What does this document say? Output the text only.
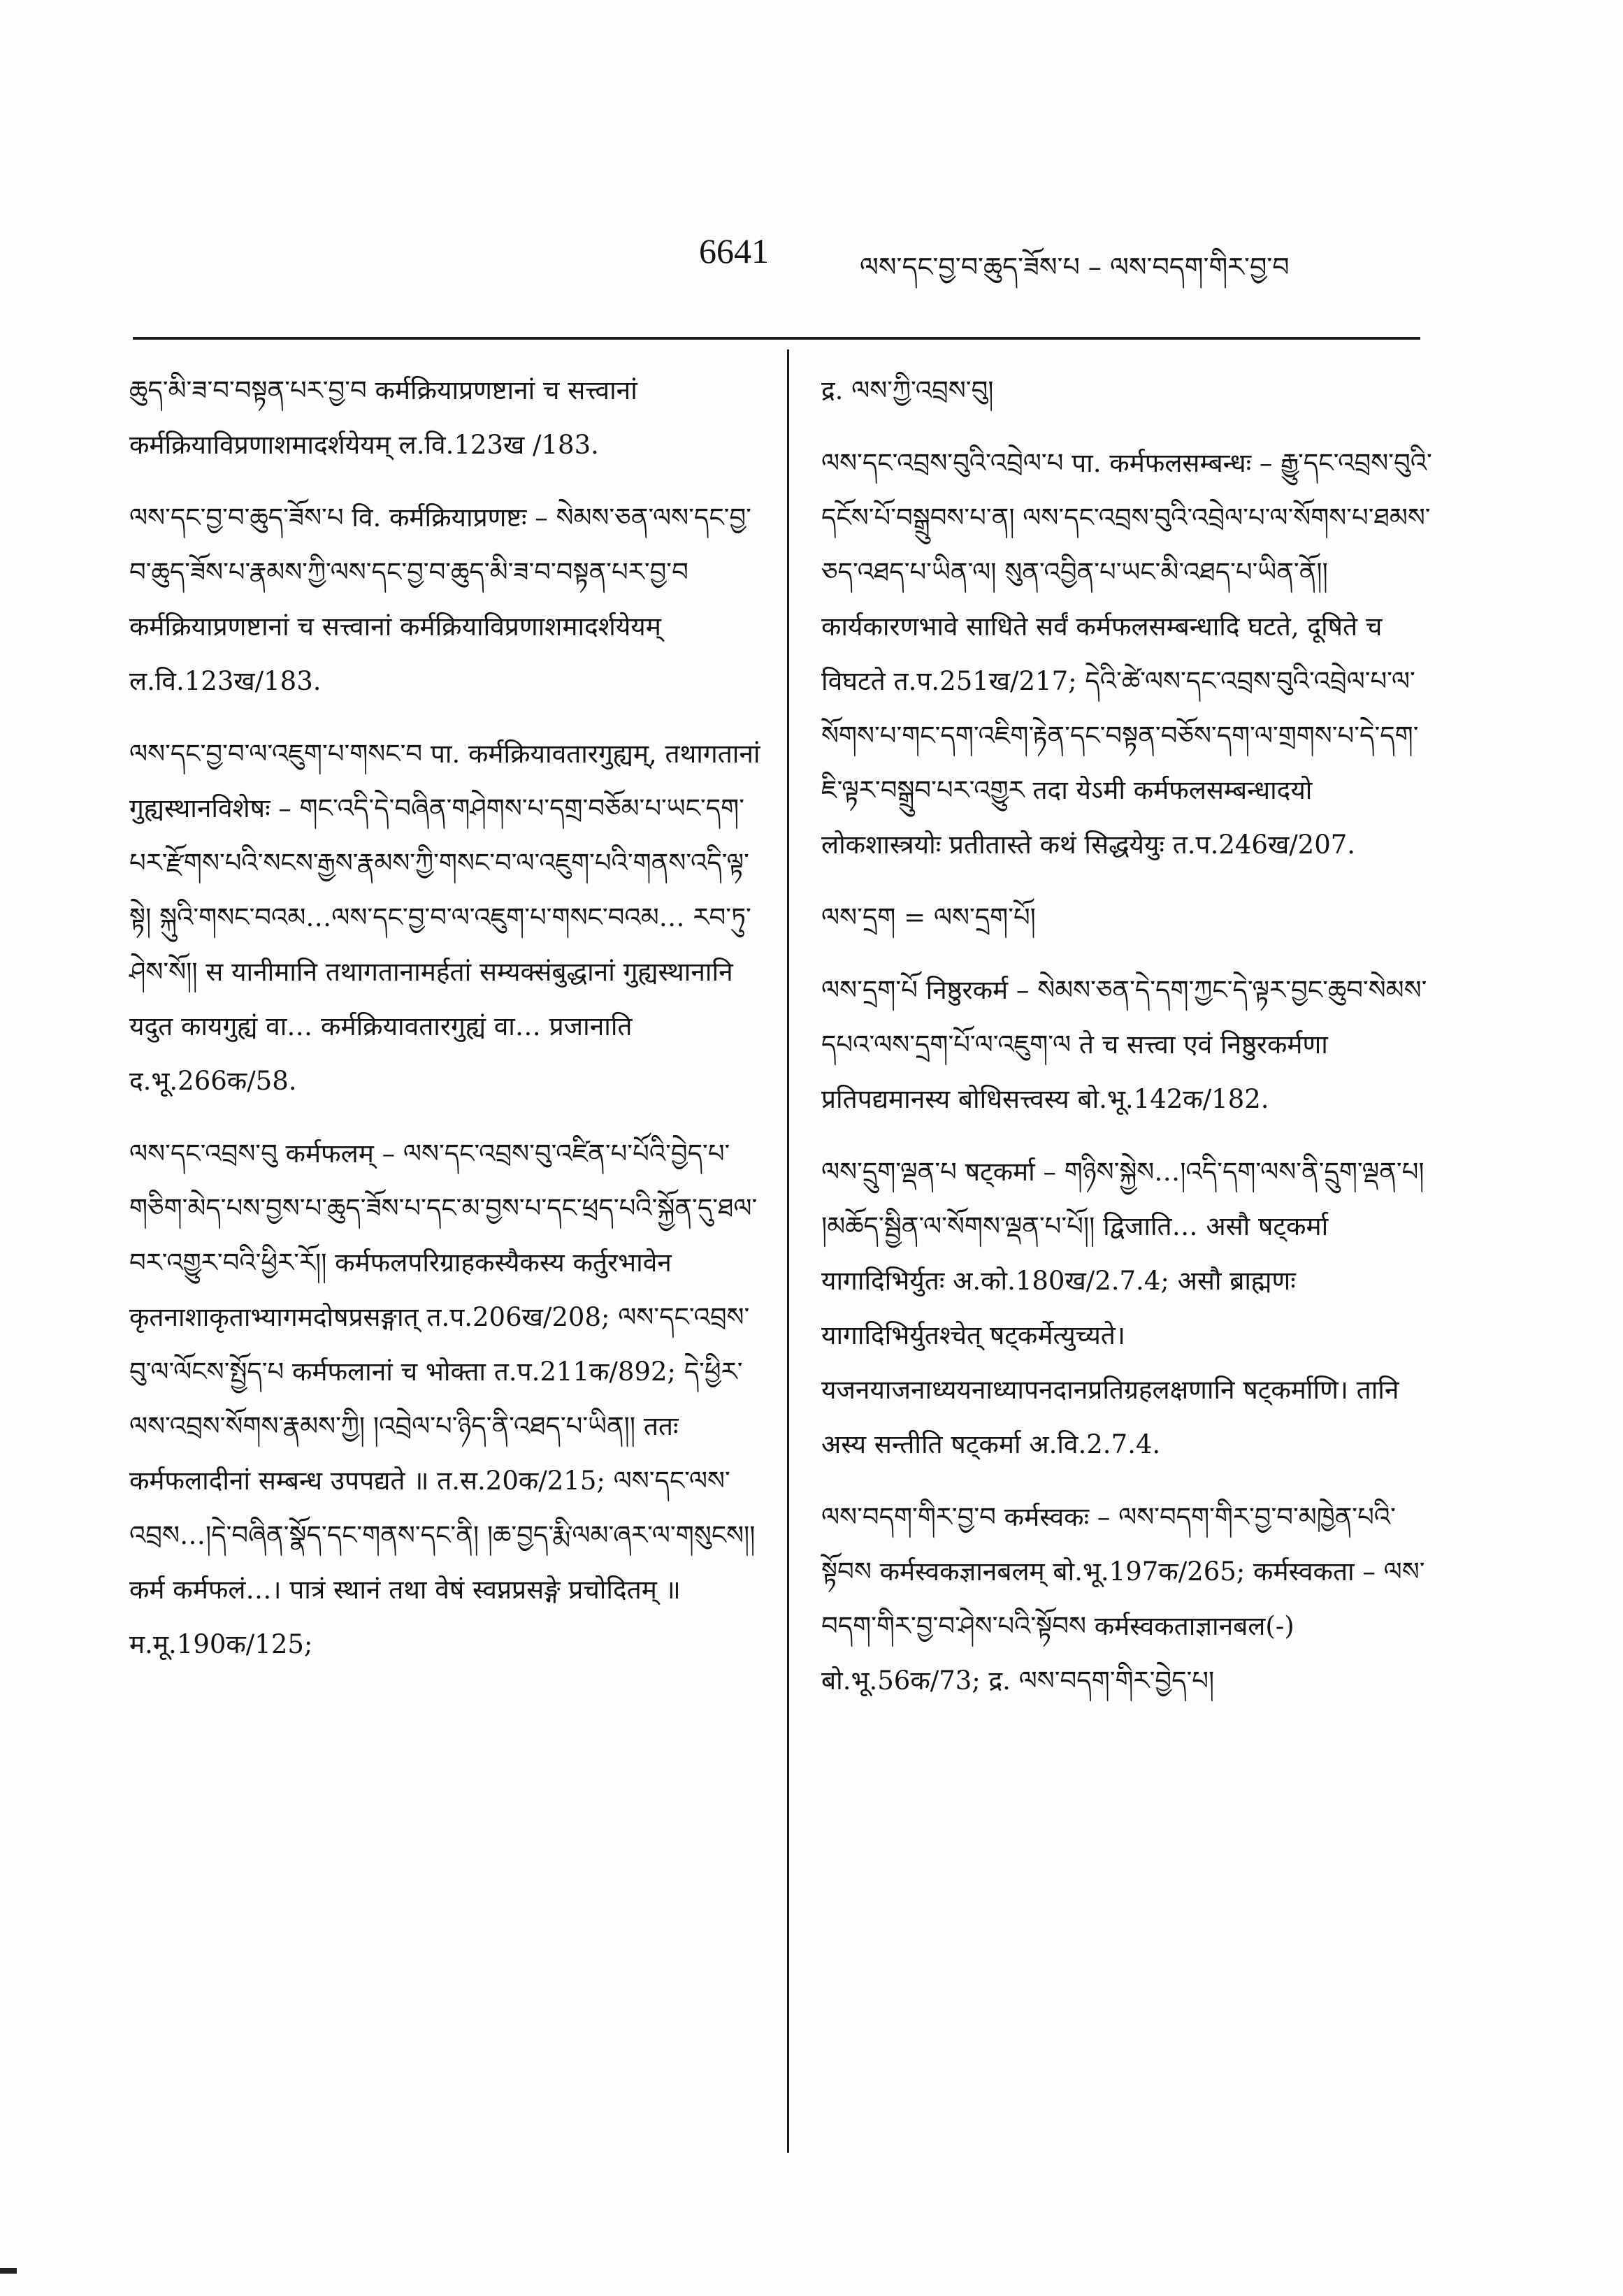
6641	ལས་དང་བྱ་བ་ཆུད་ཟོས་པ – ལས་བདག་གིར་བྱ་བ

ཆུད་མི་ཟ་བ་བསྟན་པར་བྱ་བ कर्मक्रियाप्रणष्टानां च सत्त्वानां कर्मक्रियाविप्रणाशमादर्शयेयम् ल.वि.123ख /183.

ལས་དང་བྱ་བ་ཆུད་ཟོས་པ वि. कर्मक्रियाप्रणष्टः – སེམས་ཅན་ལས་དང་བྱ་བ་ཆུད་ཟོས་པ་རྣམས་ཀྱི་ལས་དང་བྱ་བ་ཆུད་མི་ཟ་བ་བསྟན་པར་བྱ་བ कर्मक्रियाप्रणष्टानां च सत्त्वानां कर्मक्रियाविप्रणाशमादर्शयेयम् ल.वि.123ख/183.

ལས་དང་བྱ་བ་ལ་འཇུག་པ་གསང་བ पा. कर्मक्रियावतारगुह्यम्, तथागतानां गुह्यस्थानविशेषः – གང་འདི་དེ་བཞིན་གཤེགས་པ་དགྲ་བཅོམ་པ་ཡང་དག་པར་རྫོགས་པའི་སངས་རྒྱས་རྣམས་ཀྱི་གསང་བ་ལ་འཇུག་པའི་གནས་འདི་ལྟ་སྟེ། སྐུའི་གསང་བའམ…ལས་དང་བྱ་བ་ལ་འཇུག་པ་གསང་བའམ… རབ་ཏུ་ཤེས་སོ།། स यानीमानि तथागतानामर्हतां सम्यक्संबुद्धानां गुह्यस्थानानि यदुत कायगुह्यं वा… कर्मक्रियावतारगुह्यं वा… प्रजानाति द.भू.266क/58.

ལས་དང་འབྲས་བུ कर्मफलम् – ལས་དང་འབྲས་བུ་འཛིན་པ་པོའི་བྱེད་པ་གཅིག་མེད་པས་བྱས་པ་ཆུད་ཟོས་པ་དང་མ་བྱས་པ་དང་ཕྲད་པའི་སྐྱོན་དུ་ཐལ་བར་འགྱུར་བའི་ཕྱིར་རོ།། कर्मफलपरिग्राहकस्यैकस्य कर्तुरभावेन कृतनाशाकृताभ्यागमदोषप्रसङ्गात् त.प.206ख/208; ལས་དང་འབྲས་བུ་ལ་ལོངས་སྤྱོད་པ कर्मफलानां च भोक्ता त.प.211क/892; དེ་ཕྱིར་ལས་འབྲས་སོགས་རྣམས་ཀྱི། །འབྲེལ་པ་ཉིད་ནི་འཐད་པ་ཡིན།། ततः कर्मफलादीनां सम्बन्ध उपपद्यते ॥ त.स.20क/215; ལས་དང་ལས་འབྲས…།དེ་བཞིན་སྣོད་དང་གནས་དང་ནི། །ཆ་བྱད་རྨི་ལམ་ཞར་ལ་གསུངས།། कर्म कर्मफलं…। पात्रं स्थानं तथा वेषं स्वप्नप्रसङ्गे प्रचोदितम् ॥ म.मू.190क/125;

द्र. ལས་ཀྱི་འབྲས་བུ།

ལས་དང་འབྲས་བུའི་འབྲེལ་པ पा. कर्मफलसम्बन्धः – རྒྱུ་དང་འབྲས་བུའི་དངོས་པོ་བསྒྲུབས་པ་ན། ལས་དང་འབྲས་བུའི་འབྲེལ་པ་ལ་སོགས་པ་ཐམས་ཅད་འཐད་པ་ཡིན་ལ། སུན་འབྱིན་པ་ཡང་མི་འཐད་པ་ཡིན་ནོ།། कार्यकारणभावे साधिते सर्वं कर्मफलसम्बन्धादि घटते, दूषिते च विघटते त.प.251ख/217; དེའི་ཚེ་ལས་དང་འབྲས་བུའི་འབྲེལ་པ་ལ་སོགས་པ་གང་དག་འཇིག་རྟེན་དང་བསྟན་བཅོས་དག་ལ་གྲགས་པ་དེ་དག་ཇི་ལྟར་བསྒྲུབ་པར་འགྱུར तदा येऽमी कर्मफलसम्बन्धादयो लोकशास्त्रयोः प्रतीतास्ते कथं सिद्धयेयुः त.प.246ख/207.

ལས་དྲག = ལས་དྲག་པོ།

ལས་དྲག་པོ निष्ठुरकर्म – སེམས་ཅན་དེ་དག་ཀྱང་དེ་ལྟར་བྱང་ཆུབ་སེམས་དཔའ་ལས་དྲག་པོ་ལ་འཇུག་ལ ते च सत्त्वा एवं निष्ठुरकर्मणा प्रतिपद्यमानस्य बोधिसत्त्वस्य बो.भू.142क/182.

ལས་དྲུག་ལྡན་པ षट्कर्मा – གཉིས་སྐྱེས…།འདི་དག་ལས་ནི་དྲུག་ལྡན་པ། །མཆོད་སྦྱིན་ལ་སོགས་ལྡན་པ་པོ།། द्विजाति… असौ षट्कर्मा यागादिभिर्युतः अ.को.180ख/2.7.4; असौ ब्राह्मणः यागादिभिर्युतश्चेत् षट्कर्मेत्युच्यते। यजनयाजनाध्ययनाध्यापनदानप्रतिग्रहलक्षणानि षट्कर्माणि। तानि अस्य सन्तीति षट्कर्मा अ.वि.2.7.4.

ལས་བདག་གིར་བྱ་བ कर्मस्वकः – ལས་བདག་གིར་བྱ་བ་མཁྱེན་པའི་སྟོབས कर्मस्वकज्ञानबलम् बो.भू.197क/265; कर्मस्वकता – ལས་བདག་གིར་བྱ་བ་ཤེས་པའི་སྟོབས कर्मस्वकताज्ञानबल(-) बो.भू.56क/73; द्र. ལས་བདག་གིར་བྱེད་པ།
